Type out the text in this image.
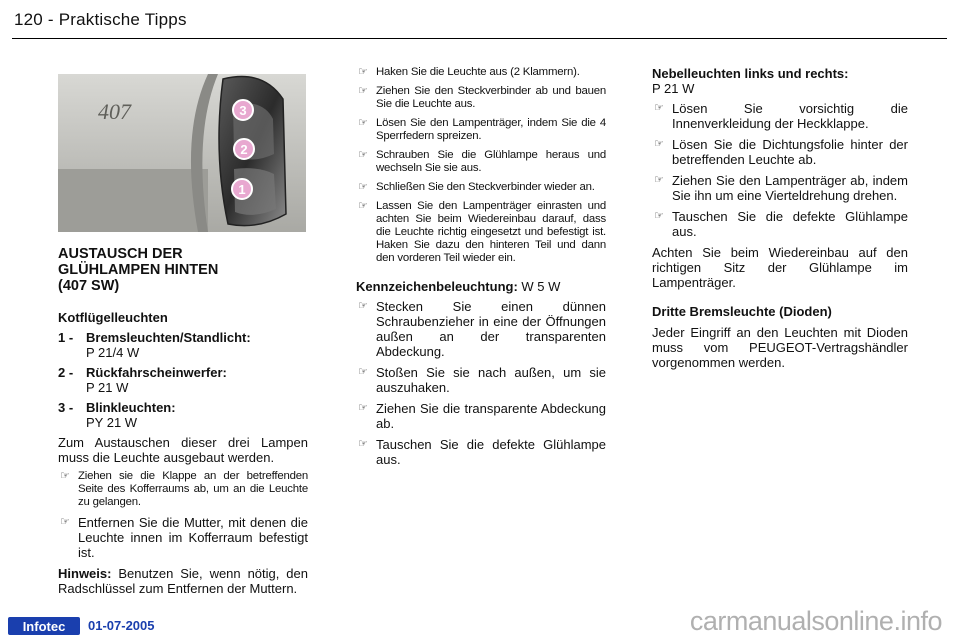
120 - Praktische Tipps
407	3
2
1
AUSTAUSCH DER
GLÜHLAMPEN HINTEN
(407 SW)
Kotflügelleuchten
1 - Bremsleuchten/Standlicht:
P 21/4 W
2 - Rückfahrscheinwerfer:
P 21 W
3 - Blinkleuchten:
PY 21 W
Zum Austauschen dieser drei Lampen muss die Leuchte ausgebaut werden.
☞ Ziehen sie die Klappe an der betreffenden Seite des Kofferraums ab, um an die Leuchte zu gelangen.
☞ Entfernen Sie die Mutter, mit denen die Leuchte innen im Kofferraum befestigt ist.
Hinweis: Benutzen Sie, wenn nötig, den Radschlüssel zum Entfernen der Muttern.
☞ Haken Sie die Leuchte aus (2 Klammern).
☞ Ziehen Sie den Steckverbinder ab und bauen Sie die Leuchte aus.
☞ Lösen Sie den Lampenträger, indem Sie die 4 Sperrfedern spreizen.
☞ Schrauben Sie die Glühlampe heraus und wechseln Sie sie aus.
☞ Schließen Sie den Steckverbinder wieder an.
☞ Lassen Sie den Lampenträger einrasten und achten Sie beim Wiedereinbau darauf, dass die Leuchte richtig eingesetzt und befestigt ist. Haken Sie dazu den hinteren Teil und dann den vorderen Teil wieder ein.
Kennzeichenbeleuchtung: W 5 W
☞ Stecken Sie einen dünnen Schraubenzieher in eine der Öffnungen außen an der transparenten Abdeckung.
☞ Stoßen Sie sie nach außen, um sie auszuhaken.
☞ Ziehen Sie die transparente Abdeckung ab.
☞ Tauschen Sie die defekte Glühlampe aus.
Nebelleuchten links und rechts:
P 21 W
☞ Lösen Sie vorsichtig die Innenverkleidung der Heckklappe.
☞ Lösen Sie die Dichtungsfolie hinter der betreffenden Leuchte ab.
☞ Ziehen Sie den Lampenträger ab, indem Sie ihn um eine Vierteldrehung drehen.
☞ Tauschen Sie die defekte Glühlampe aus.
Achten Sie beim Wiedereinbau auf den richtigen Sitz der Glühlampe im Lampenträger.
Dritte Bremsleuchte (Dioden)
Jeder Eingriff an den Leuchten mit Dioden muss vom PEUGEOT-Vertragshändler vorgenommen werden.
Infotec 01-07-2005	carmanualsonline.info
